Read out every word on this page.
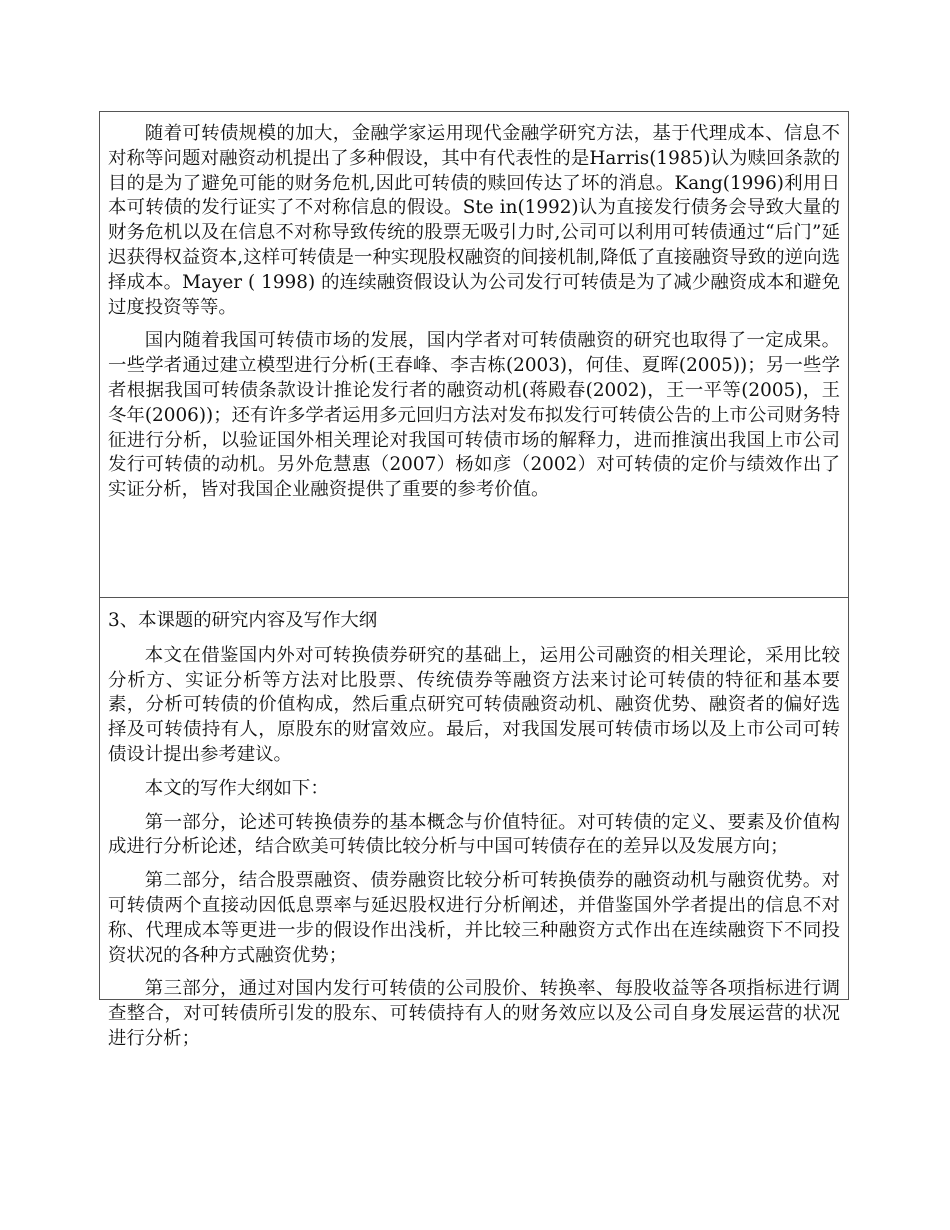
随着可转债规模的加大，金融学家运用现代金融学研究方法，基于代理成本、信息不对称等问题对融资动机提出了多种假设，其中有代表性的是Harris(1985)认为赎回条款的目的是为了避免可能的财务危机,因此可转债的赎回传达了坏的消息。Kang(1996)利用日本可转债的发行证实了不对称信息的假设。Ste in(1992)认为直接发行债务会导致大量的财务危机以及在信息不对称导致传统的股票无吸引力时,公司可以利用可转债通过“后门”延迟获得权益资本,这样可转债是一种实现股权融资的间接机制,降低了直接融资导致的逆向选择成本。Mayer ( 1998) 的连续融资假设认为公司发行可转债是为了减少融资成本和避免过度投资等等。

国内随着我国可转债市场的发展，国内学者对可转债融资的研究也取得了一定成果。一些学者通过建立模型进行分析(王春峰、李吉栋(2003)，何佳、夏晖(2005))；另一些学者根据我国可转债条款设计推论发行者的融资动机(蒋殿春(2002)，王一平等(2005)，王冬年(2006))；还有许多学者运用多元回归方法对发布拟发行可转债公告的上市公司财务特征进行分析，以验证国外相关理论对我国可转债市场的解释力，进而推演出我国上市公司发行可转债的动机。另外危慧惠（2007）杨如彦（2002）对可转债的定价与绩效作出了实证分析，皆对我国企业融资提供了重要的参考价值。

3、本课题的研究内容及写作大纲

本文在借鉴国内外对可转换债券研究的基础上，运用公司融资的相关理论，采用比较分析方、实证分析等方法对比股票、传统债券等融资方法来讨论可转债的特征和基本要素，分析可转债的价值构成，然后重点研究可转债融资动机、融资优势、融资者的偏好选择及可转债持有人，原股东的财富效应。最后，对我国发展可转债市场以及上市公司可转债设计提出参考建议。

本文的写作大纲如下：

第一部分，论述可转换债券的基本概念与价值特征。对可转债的定义、要素及价值构成进行分析论述，结合欧美可转债比较分析与中国可转债存在的差异以及发展方向；

第二部分，结合股票融资、债券融资比较分析可转换债券的融资动机与融资优势。对可转债两个直接动因低息票率与延迟股权进行分析阐述，并借鉴国外学者提出的信息不对称、代理成本等更进一步的假设作出浅析，并比较三种融资方式作出在连续融资下不同投资状况的各种方式融资优势；

第三部分，通过对国内发行可转债的公司股价、转换率、每股收益等各项指标进行调查整合，对可转债所引发的股东、可转债持有人的财务效应以及公司自身发展运营的状况进行分析；
